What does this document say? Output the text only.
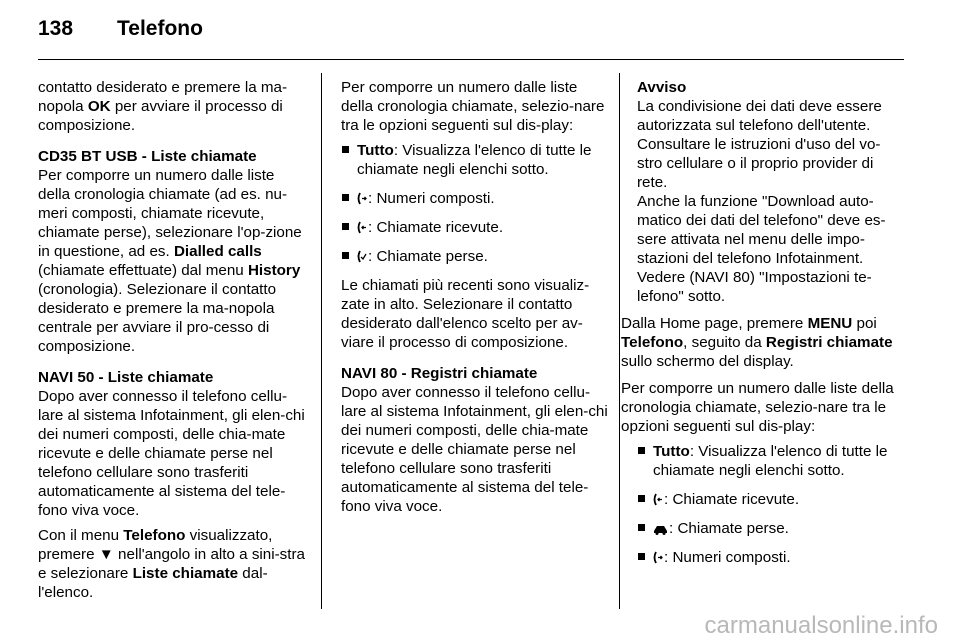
138 Telefono

contatto desiderato e premere la ma-nopola OK per avviare il processo di composizione.

CD35 BT USB - Liste chiamate
Per comporre un numero dalle liste della cronologia chiamate (ad es. nu-meri composti, chiamate ricevute, chiamate perse), selezionare l'op-zione in questione, ad es. Dialled calls (chiamate effettuate) dal menu History (cronologia). Selezionare il contatto desiderato e premere la ma-nopola centrale per avviare il pro-cesso di composizione.

NAVI 50 - Liste chiamate
Dopo aver connesso il telefono cellu-lare al sistema Infotainment, gli elen-chi dei numeri composti, delle chia-mate ricevute e delle chiamate perse nel telefono cellulare sono trasferiti automaticamente al sistema del tele-fono viva voce.

Con il menu Telefono visualizzato, premere ▼ nell'angolo in alto a sini-stra e selezionare Liste chiamate dal-l'elenco.

Per comporre un numero dalle liste della cronologia chiamate, selezio-nare tra le opzioni seguenti sul dis-play:

Tutto: Visualizza l'elenco di tutte le chiamate negli elenchi sotto.
: Numeri composti.
: Chiamate ricevute.
: Chiamate perse.

Le chiamati più recenti sono visualiz-zate in alto. Selezionare il contatto desiderato dall'elenco scelto per av-viare il processo di composizione.

NAVI 80 - Registri chiamate
Dopo aver connesso il telefono cellu-lare al sistema Infotainment, gli elen-chi dei numeri composti, delle chia-mate ricevute e delle chiamate perse nel telefono cellulare sono trasferiti automaticamente al sistema del tele-fono viva voce.

Avviso
La condivisione dei dati deve essere autorizzata sul telefono dell'utente. Consultare le istruzioni d'uso del vo-stro cellulare o il proprio provider di rete.

Anche la funzione "Download auto-matico dei dati del telefono" deve es-sere attivata nel menu delle impo-stazioni del telefono Infotainment. Vedere (NAVI 80) "Impostazioni te-lefono" sotto.

Dalla Home page, premere MENU poi Telefono, seguito da Registri chiamate sullo schermo del display.

Per comporre un numero dalle liste della cronologia chiamate, selezio-nare tra le opzioni seguenti sul dis-play:

Tutto: Visualizza l'elenco di tutte le chiamate negli elenchi sotto.
: Chiamate ricevute.
: Chiamate perse.
: Numeri composti.
carmanualsonline.info
